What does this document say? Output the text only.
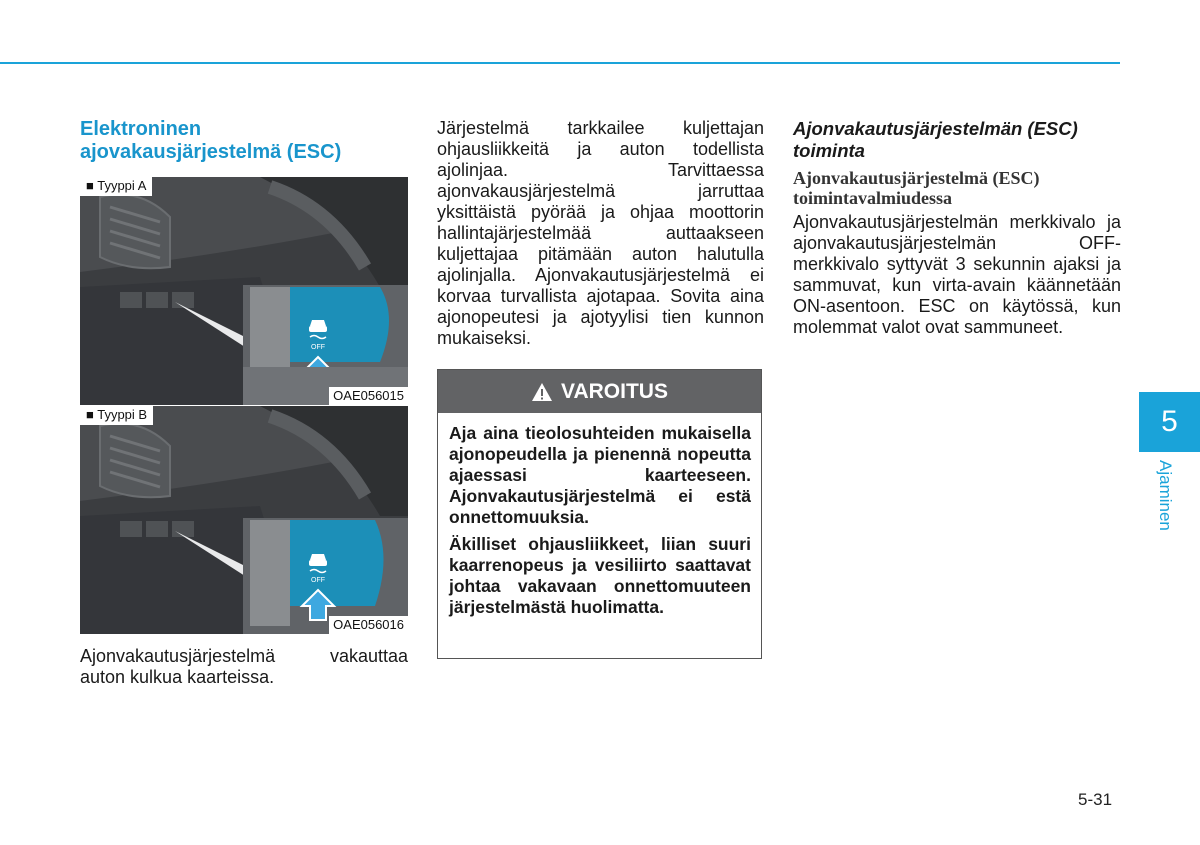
Elektroninen
ajovakausjärjestelmä (ESC)
OFF
■ Tyyppi A
OAE056015
OFF
■ Tyyppi B
OAE056016

Ajonvakautusjärjestelmä vakauttaa auton kulkua kaarteissa.

Järjestelmä tarkkailee kuljettajan ohjausliikkeitä ja auton todellista ajolinjaa. Tarvittaessa ajonvakausjärjestelmä jarruttaa yksittäistä pyörää ja ohjaa moottorin hallintajärjestelmää auttaakseen kuljettajaa pitämään auton halutulla ajolinjalla. Ajonvakautusjärjestelmä ei korvaa turvallista ajotapaa. Sovita aina ajonopeutesi ja ajotyylisi tien kunnon mukaiseksi.

VAROITUS

Aja aina tieolosuhteiden mukaisella ajonopeudella ja pienennä nopeutta ajaessasi kaarteeseen. Ajonvakautusjärjestelmä ei estä onnettomuuksia.

Äkilliset ohjausliikkeet, liian suuri kaarrenopeus ja vesiliirto saattavat johtaa vakavaan onnettomuuteen järjestelmästä huolimatta.

Ajonvakautusjärjestelmän (ESC)
toiminta
Ajonvakautusjärjestelmä (ESC)
toimintavalmiudessa

Ajonvakautusjärjestelmän merkkivalo ja ajonvakautusjärjestelmän OFF-merkkivalo syttyvät 3 sekunnin ajaksi ja sammuvat, kun virta-avain käännetään ON-asentoon. ESC on käytössä, kun molemmat valot ovat sammuneet.

5
Ajaminen
5-31
